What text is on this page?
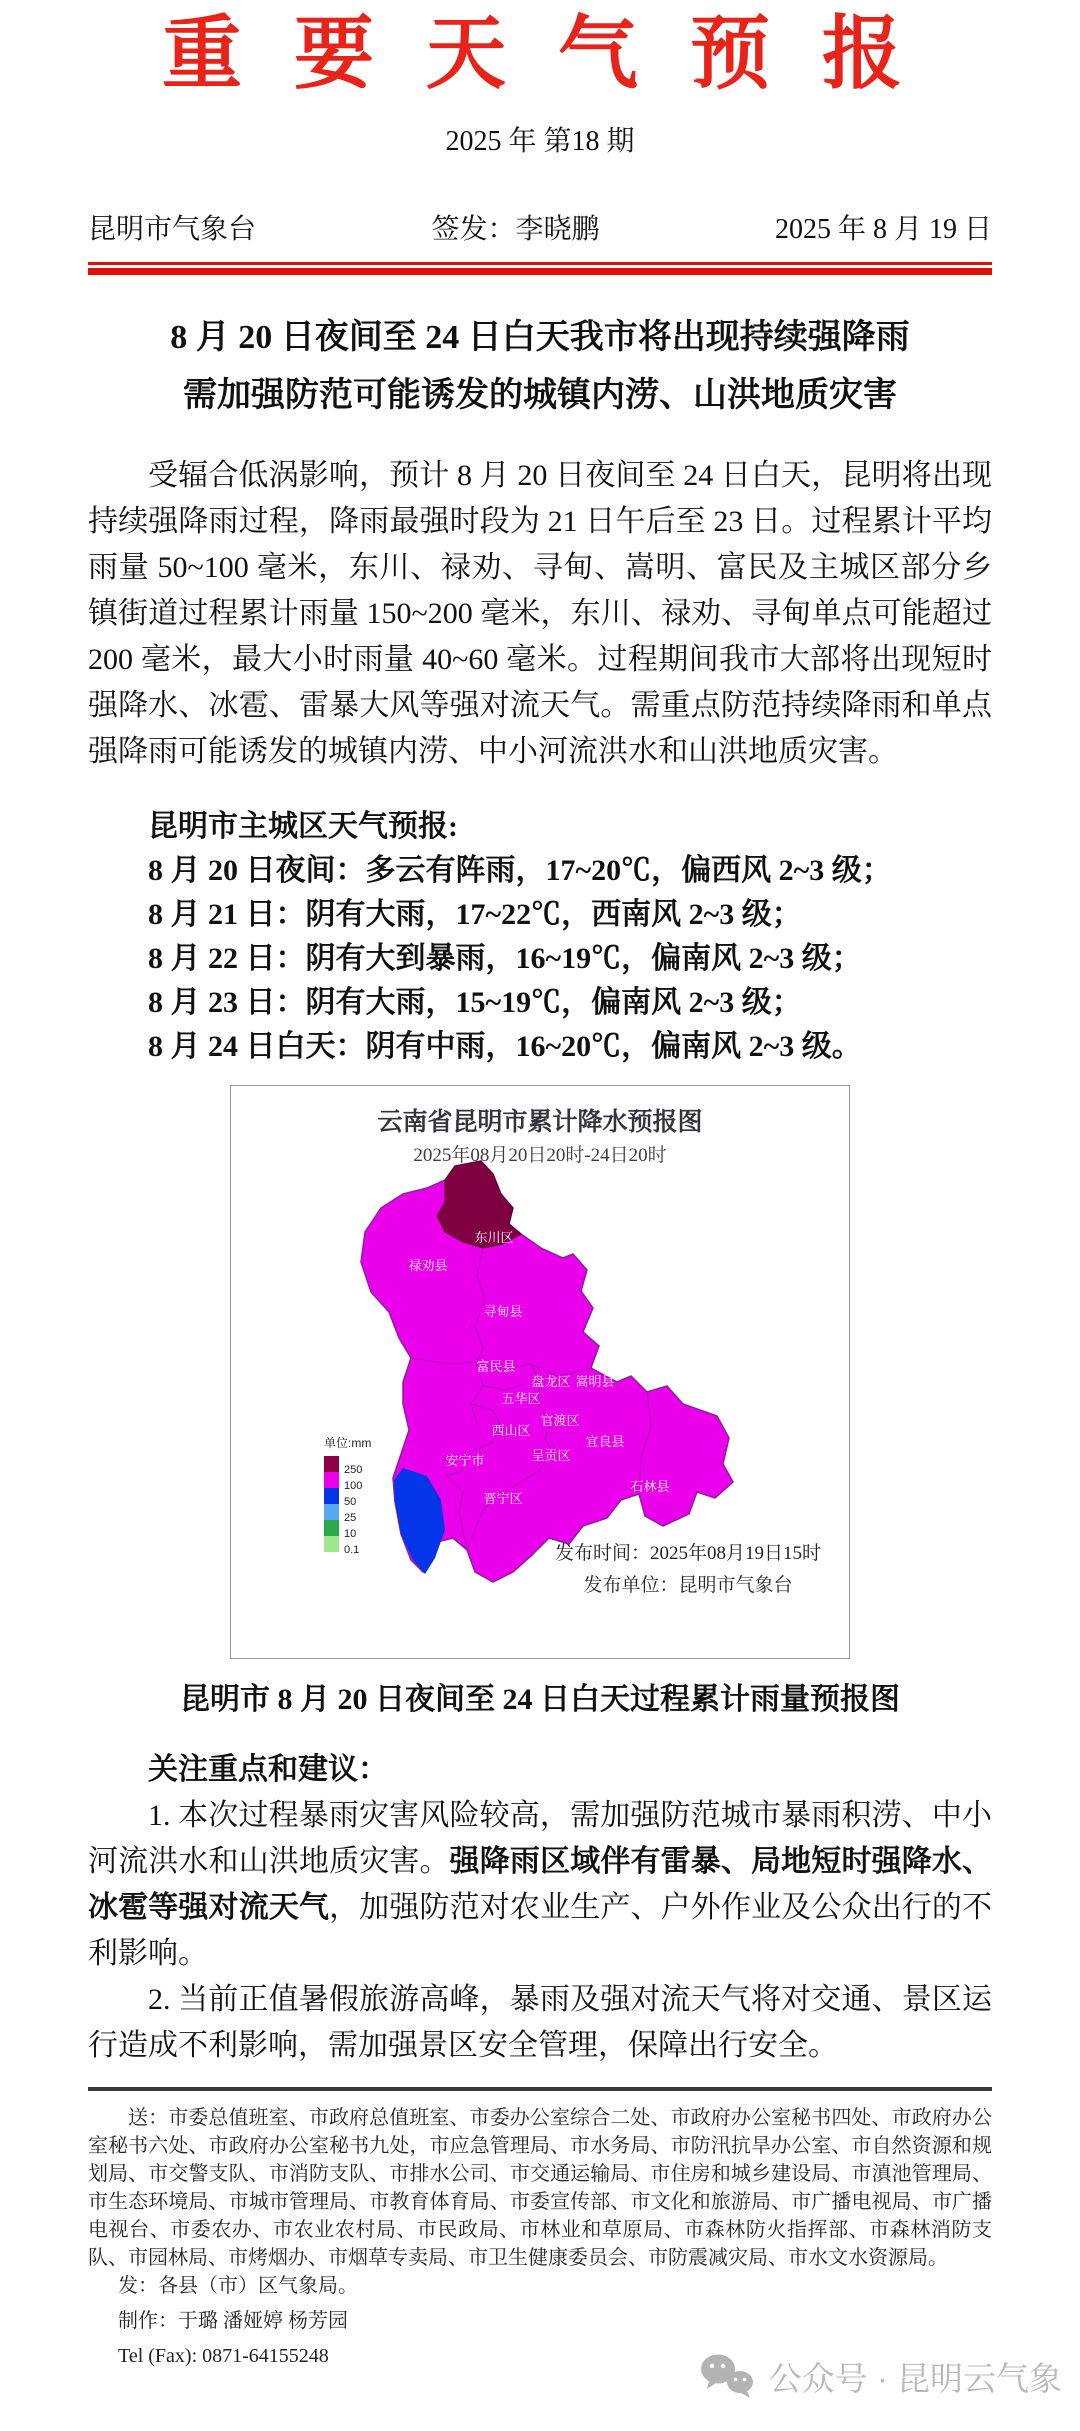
重 要 天 气 预 报
2025 年 第18 期
昆明市气象台	签发：李晓鹏	2025 年 8 月 19 日
8 月 20 日夜间至 24 日白天我市将出现持续强降雨
需加强防范可能诱发的城镇内涝、山洪地质灾害

受辐合低涡影响，预计 8 月 20 日夜间至 24 日白天，昆明将出现持续强降雨过程，降雨最强时段为 21 日午后至 23 日。过程累计平均雨量 50~100 毫米，东川、禄劝、寻甸、嵩明、富民及主城区部分乡镇街道过程累计雨量 150~200 毫米，东川、禄劝、寻甸单点可能超过 200 毫米，最大小时雨量 40~60 毫米。过程期间我市大部将出现短时强降水、冰雹、雷暴大风等强对流天气。需重点防范持续降雨和单点强降雨可能诱发的城镇内涝、中小河流洪水和山洪地质灾害。

昆明市主城区天气预报:
8 月 20 日夜间：多云有阵雨，17~20℃，偏西风 2~3 级；
8 月 21 日：阴有大雨，17~22℃，西南风 2~3 级；
8 月 22 日：阴有大到暴雨，16~19℃，偏南风 2~3 级；
8 月 23 日：阴有大雨，15~19℃，偏南风 2~3 级；
8 月 24 日白天：阴有中雨，16~20℃，偏南风 2~3 级。
东川区
禄劝县
寻甸县
富民县
盘龙区 嵩明县
五华区
官渡区
西山区
呈贡区
宜良县
安宁市
晋宁区
石林县
云南省昆明市累计降水预报图
2025年08月20日20时-24日20时
单位:mm
250
100
50
25
10
0.1	发布时间：2025年08月19日15时
发布单位：昆明市气象台
昆明市 8 月 20 日夜间至 24 日白天过程累计雨量预报图
关注重点和建议：

1. 本次过程暴雨灾害风险较高，需加强防范城市暴雨积涝、中小河流洪水和山洪地质灾害。强降雨区域伴有雷暴、局地短时强降水、冰雹等强对流天气，加强防范对农业生产、户外作业及公众出行的不利影响。

2. 当前正值暑假旅游高峰，暴雨及强对流天气将对交通、景区运行造成不利影响，需加强景区安全管理，保障出行安全。

送：市委总值班室、市政府总值班室、市委办公室综合二处、市政府办公室秘书四处、市政府办公室秘书六处、市政府办公室秘书九处，市应急管理局、市水务局、市防汛抗旱办公室、市自然资源和规划局、市交警支队、市消防支队、市排水公司、市交通运输局、市住房和城乡建设局、市滇池管理局、市生态环境局、市城市管理局、市教育体育局、市委宣传部、市文化和旅游局、市广播电视局、市广播电视台、市委农办、市农业农村局、市民政局、市林业和草原局、市森林防火指挥部、市森林消防支队、市园林局、市烤烟办、市烟草专卖局、市卫生健康委员会、市防震减灾局、市水文水资源局。
发：各县（市）区气象局。
制作：于璐 潘娅婷 杨芳园
Tel (Fax): 0871-64155248
公众号 · 昆明云气象
